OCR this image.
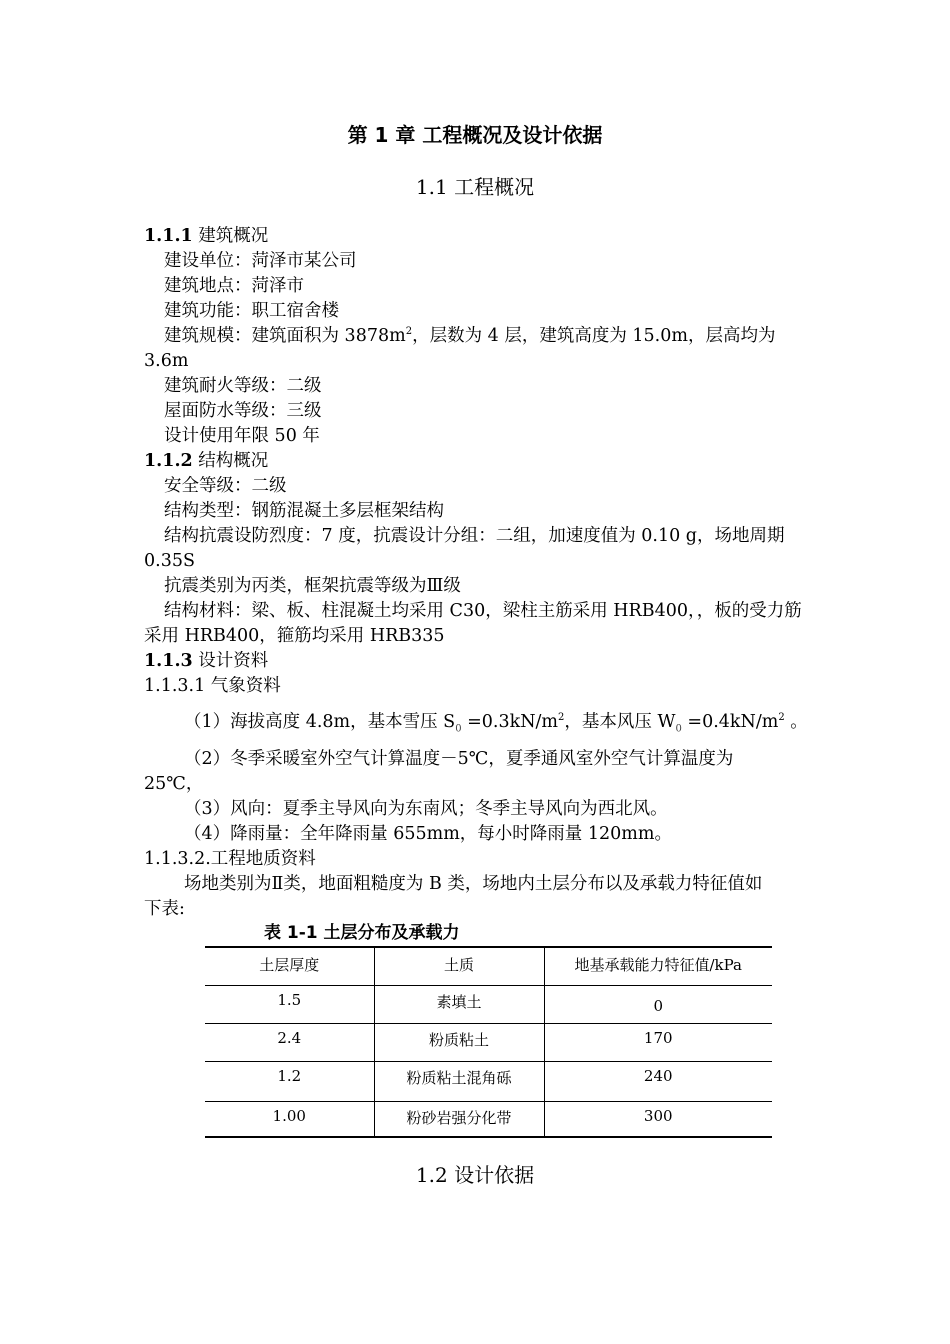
第 1 章 工程概况及设计依据
1.1 工程概况
1.1.1 建筑概况
建设单位：菏泽市某公司
建筑地点：菏泽市
建筑功能：职工宿舍楼
建筑规模：建筑面积为 $3878m^2$，层数为 4 层，建筑高度为 15.0m，层高均为
3.6m
建筑耐火等级：二级
屋面防水等级：三级
设计使用年限 50 年
1.1.2 结构概况
安全等级：二级
结构类型：钢筋混凝土多层框架结构
结构抗震设防烈度：7 度，抗震设计分组：二组，加速度值为 0.10 g，场地周期
0.35S
抗震类别为丙类，框架抗震等级为Ⅲ级
结构材料：梁、板、柱混凝土均采用 C30，梁柱主筋采用 HRB400，，板的受力筋
采用 HRB400，箍筋均采用 HRB335
1.1.3 设计资料
1.1.3.1 气象资料
（1）海拔高度 4.8m，基本雪压 $S_0 =0.3kN/m^2$，基本风压 $W_0 =0.4kN/m^2$ 。
（2）冬季采暖室外空气计算温度－5℃，夏季通风室外空气计算温度为
25℃，
（3）风向：夏季主导风向为东南风；冬季主导风向为西北风。
（4）降雨量：全年降雨量 655mm，每小时降雨量 120mm。
1.1.3.2.工程地质资料
场地类别为Ⅱ类，地面粗糙度为 B 类，场地内土层分布以及承载力特征值如
下表:
表 1-1 土层分布及承载力
土层厚度	土质	地基承载能力特征值/kPa
1.5	素填土	0
2.4	粉质粘土	170
1.2	粉质粘土混角砾	240
1.00	粉砂岩强分化带	300
1.2 设计依据
